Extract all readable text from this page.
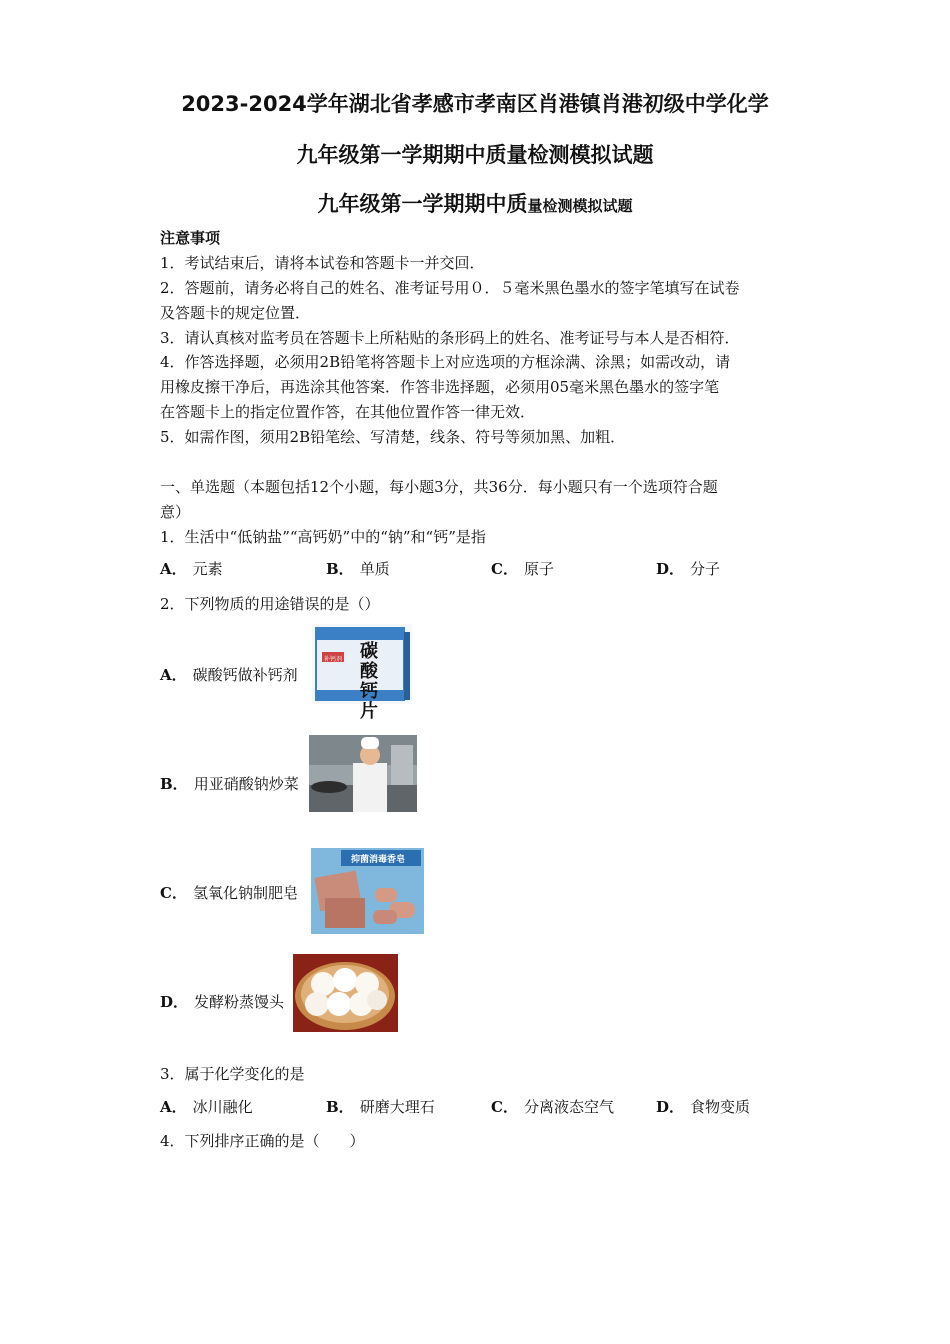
2023-2024学年湖北省孝感市孝南区肖港镇肖港初级中学化学
九年级第一学期期中质量检测模拟试题
九年级第一学期期中质量检测模拟试题
注意事项
1．考试结束后，请将本试卷和答题卡一并交回．
2．答题前，请务必将自己的姓名、准考证号用０．５毫米黑色墨水的签字笔填写在试卷
及答题卡的规定位置．
3．请认真核对监考员在答题卡上所粘贴的条形码上的姓名、准考证号与本人是否相符．
4．作答选择题，必须用2B铅笔将答题卡上对应选项的方框涂满、涂黑；如需改动，请
用橡皮擦干净后，再选涂其他答案．作答非选择题，必须用05毫米黑色墨水的签字笔
在答题卡上的指定位置作答，在其他位置作答一律无效．
5．如需作图，须用2B铅笔绘、写清楚，线条、符号等须加黑、加粗．
一、单选题（本题包括12个小题，每小题3分，共36分．每小题只有一个选项符合题
意）
1．生活中“低钠盐”“高钙奶”中的“钠”和“钙”是指
A． 元素	B． 单质	C． 原子	D． 分子
2．下列物质的用途错误的是（）
A． 碳酸钙做补钙剂
补钙剂 碳酸钙片
B． 用亚硝酸钠炒菜
C． 氢氧化钠制肥皂
抑菌消毒香皂
D． 发酵粉蒸馒头
3．属于化学变化的是
A． 冰川融化	B． 研磨大理石	C． 分离液态空气	D． 食物变质
4．下列排序正确的是（　　）
